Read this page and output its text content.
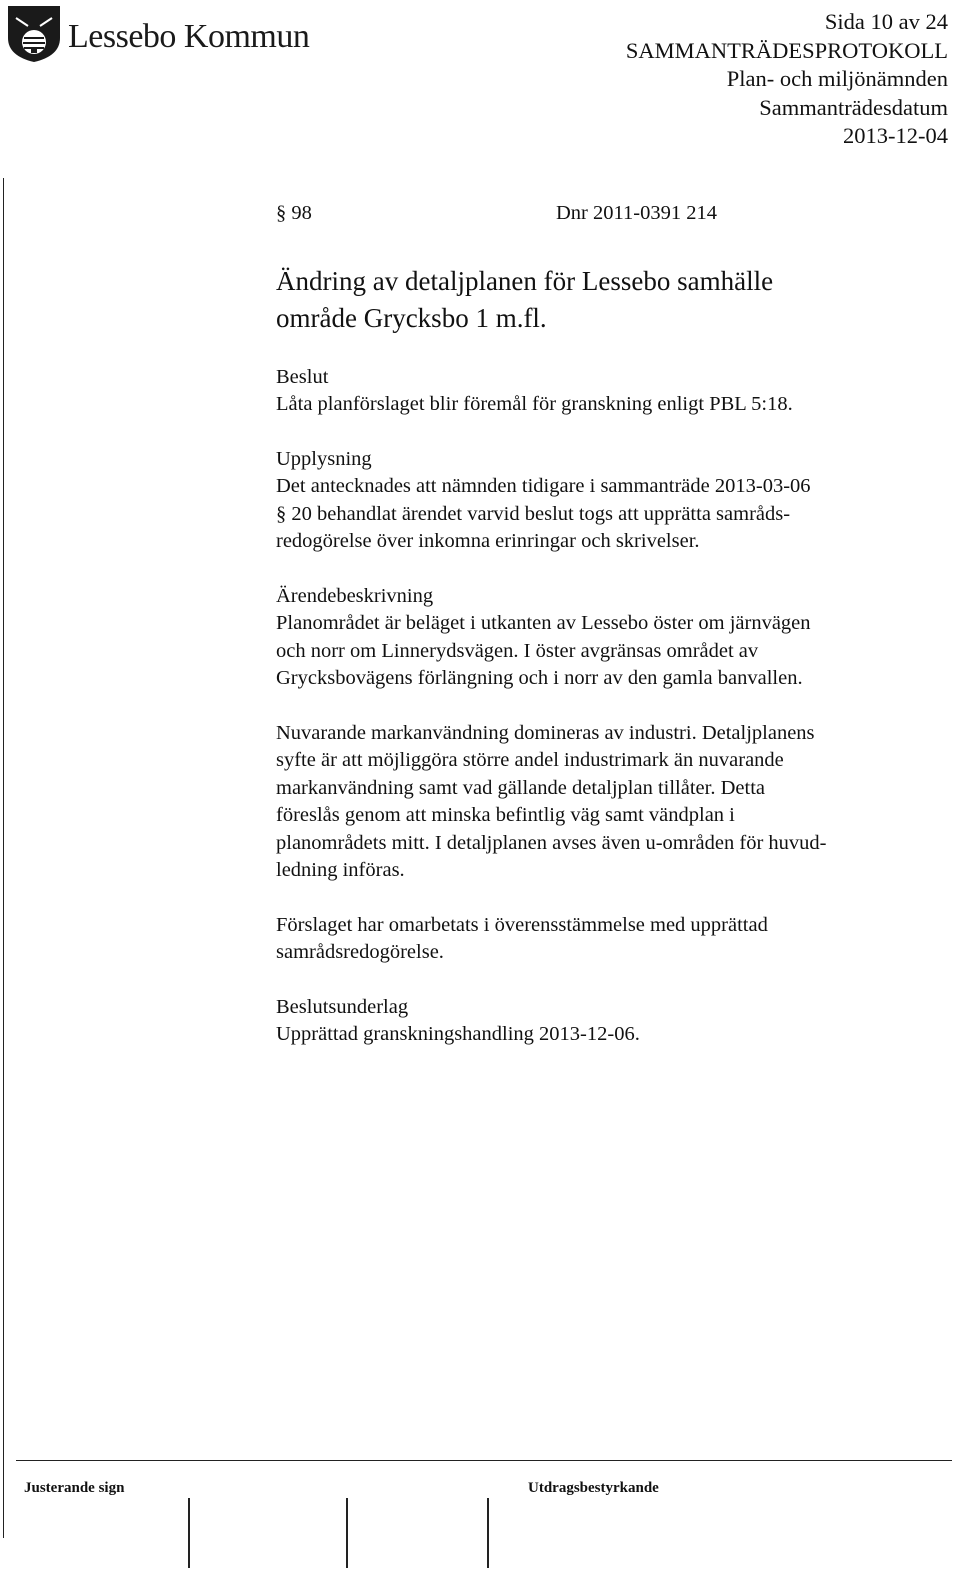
Lessebo Kommun	Sida 10 av 24
SAMMANTRÄDESPROTOKOLL
Plan- och miljönämnden
Sammanträdesdatum
2013-12-04
§ 98	Dnr 2011-0391 214
Ändring av detaljplanen för Lessebo samhälle
område Grycksbo 1 m.fl.
Beslut
Låta planförslaget blir föremål för granskning enligt PBL 5:18.
Upplysning
Det antecknades att nämnden tidigare i sammanträde 2013-03-06
§ 20 behandlat ärendet varvid beslut togs att upprätta samråds-
redogörelse över inkomna erinringar och skrivelser.
Ärendebeskrivning
Planområdet är beläget i utkanten av Lessebo öster om järnvägen
och norr om Linnerydsvägen. I öster avgränsas området av
Grycksbovägens förlängning och i norr av den gamla banvallen.
Nuvarande markanvändning domineras av industri. Detaljplanens
syfte är att möjliggöra större andel industrimark än nuvarande
markanvändning samt vad gällande detaljplan tillåter. Detta
föreslås genom att minska befintlig väg samt vändplan i
planområdets mitt. I detaljplanen avses även u-områden för huvud-
ledning införas.
Förslaget har omarbetats i överensstämmelse med upprättad
samrådsredogörelse.
Beslutsunderlag
Upprättad granskningshandling 2013-12-06.
Justerande sign	Utdragsbestyrkande
